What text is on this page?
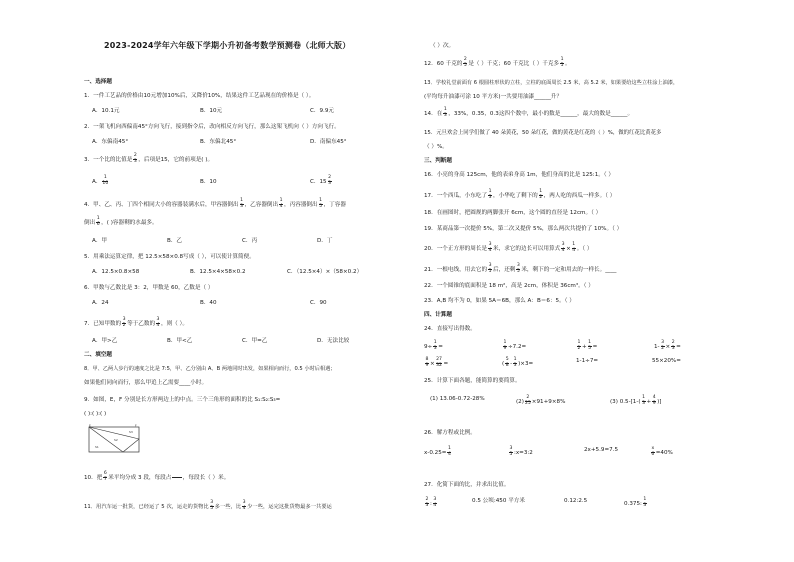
2023-2024学年六年级下学期小升初备考数学预测卷（北师大版）
一、选择题
1．一件工艺品的价格由10元增加10%后，又降价10%，结果这件工艺品现在的价格是（ ）。
A．10.1元	B．10元	C．9.9元
2．一架飞机向西偏南45°方向飞行，接到指令后，改向相反方向飞行，那么这架飞机向（ ）方向飞行。
A．东偏南45°	B．东偏北45°	D．南偏东45°
3．一个比的比值是 $\frac{2}{3}$ ，后项是15，它的前项是( )。
A． $\frac{1}{10}$	B．10	C．$15 \frac{2}{3}$
4．甲、乙、丙、丁四个相同大小的容器装满水后，甲容器倒出 $\frac{1}{3}$ ，乙容器倒出 $\frac{1}{4}$ ，丙容器倒出 $\frac{1}{5}$ ，丁容器
倒出 $\frac{1}{6}$ ，( )容器剩的水最多。
A．甲	B．乙	C．丙	D．丁
5．用乘法运算定律，把 12.5×58×0.8写成（ ），可以使计算简便。
A．12.5×0.8×58	B．12.5×4×58×0.2	C．（12.5×4）×（58×0.2）
6．甲数与乙数比是 3：2，甲数是 60，乙数是（ ）
A．24	B．40	C．90
7．已知甲数的 $\frac{3}{2}$ 等于乙数的 $\frac{3}{4}$ ，则（ ）。
A．甲>乙	B．甲<乙	C．甲=乙	D．无法比较
二、填空题
8．甲、乙两人步行的速度之比是 7:5，甲、乙分别由 A、B 两地同时出发，如果相向而行，0.5 小时后相遇；
如果他们同向而行，那么甲追上乙需要____小时。
9．如图，E，F 分别是长方形两边上的中点。三个三角形的面积的比 S₁:S₂:S₃=
( ):( ):( )
E	F
S1
S2
S3
10．把 $\frac{6}{7}$ 米平均分成 3 段，每段占

，每段长（ ）米。
11．用汽车运一批货，已经运了 5 次，运走的货物比 $\frac{3}{5}$ 多一些，比 $\frac{3}{4}$ 少一些，运完这批货物最多一共要运
（ ）次。
12．60 千克的 $\frac{2}{5}$ 是（ ）千克；60 千克比（ ）千克多 $\frac{1}{5}$ 。
13．学校礼堂前面有 6 根圆柱形状的立柱，立柱的底面周长 2.5 米，高 5.2 米，如果要给这些立柱涂上油漆，
(平均每升油漆可涂 10 平方米)一共要用油漆______升？
14．在 $\frac{1}{3}$ ，33%，0.35，0.3这四个数中，最小的数是______，最大的数是______。
15．元旦欢会上同学们做了 40 朵黄花，50 朵红花，做的黄花是红花的（ ）%，做的红花比黄花多
（ ）%。
三、判断题
16．小亮的身高 125cm，他的表弟身高 1m，他们身高的比是 125:1。（ ）
17．一个西瓜，小东吃了 $\frac{1}{3}$ ，小华吃了剩下的 $\frac{1}{2}$ ，两人吃的西瓜一样多。（ ）
18．在画图时，把圆规的两脚张开 6cm，这个圆的直径是 12cm。（ ）
19．某商品第一次提价 5%，第二次又提价 5%，那么两次共提价了 10%。（ ）
20．一个正方形的周长是 $\frac{3}{4}$ 米，求它的边长可以用算式 $\frac{3}{4} \times \frac{1}{4}$ 。（ ）
21．一根电线，用去它的 $\frac{3}{5}$ 后，还剩 $\frac{3}{5}$ 米，剩下的一定和用去的一样长。____
22．一个圆锥的底面积是 18 m²，高是 2cm，体积是 36cm³。（ ）
23．A,B 均不为 0，如果 5A＝6B，那么 A：B＝6：5。（ ）
四、计算题
24．直接写出得数。
$9\div \frac{1}{3}$ =	$\frac{1}{9} \div 7.2=$	$\frac{1}{2} + \frac{1}{5}$ =	$1- \frac{3}{2} \times \frac{2}{3}$ =
$\frac{8}{9} \times \frac{27}{32}$ =	( $\frac{5}{8} - \frac{1}{3} )\times 3=$	1-1÷7=	55×20%=
25．计算下面各题，能简算的要简算。
(1) 13.06-0.72-28%	$(2) \frac{2}{25} \times 91+9\times 8\%$	(3) $0.5-[1-( \frac{1}{3} + \frac{4}{9}$ )]
26．解方程或比例。
$x-0.25= \frac{1}{4}$	$\frac{3}{5}$ :x=3:2	2x+5.9=7.5	$\frac{x}{6} =40\%$
27．化简下面的比，并求出比值。
$\frac{2}{3}$ : $\frac{3}{4}$	0.5 公顷:450 平方米	0.12:2.5	0.375: $\frac{1}{3}$
